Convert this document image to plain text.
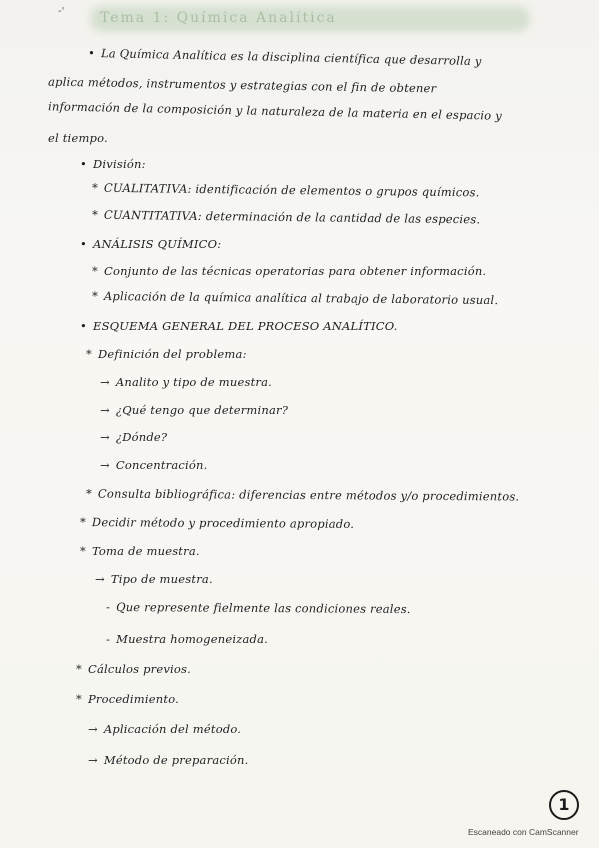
Tema 1: Química Analítica
-'
• La Química Analítica es la disciplina científica que desarrolla y
aplica métodos, instrumentos y estrategias con el fin de obtener
información de la composición y la naturaleza de la materia en el espacio y
el tiempo.
• División:
* CUALITATIVA: identificación de elementos o grupos químicos.
* CUANTITATIVA: determinación de la cantidad de las especies.
• ANÁLISIS QUÍMICO:
* Conjunto de las técnicas operatorias para obtener información.
* Aplicación de la química analítica al trabajo de laboratorio usual.
• ESQUEMA GENERAL DEL PROCESO ANALÍTICO.
* Definición del problema:
→ Analito y tipo de muestra.
→ ¿Qué tengo que determinar?
→ ¿Dónde?
→ Concentración.
* Consulta bibliográfica: diferencias entre métodos y/o procedimientos.
* Decidir método y procedimiento apropiado.
* Toma de muestra.
→ Tipo de muestra.
- Que represente fielmente las condiciones reales.
- Muestra homogeneizada.
* Cálculos previos.
* Procedimiento.
→ Aplicación del método.
→ Método de preparación.
1
Escaneado con CamScanner
